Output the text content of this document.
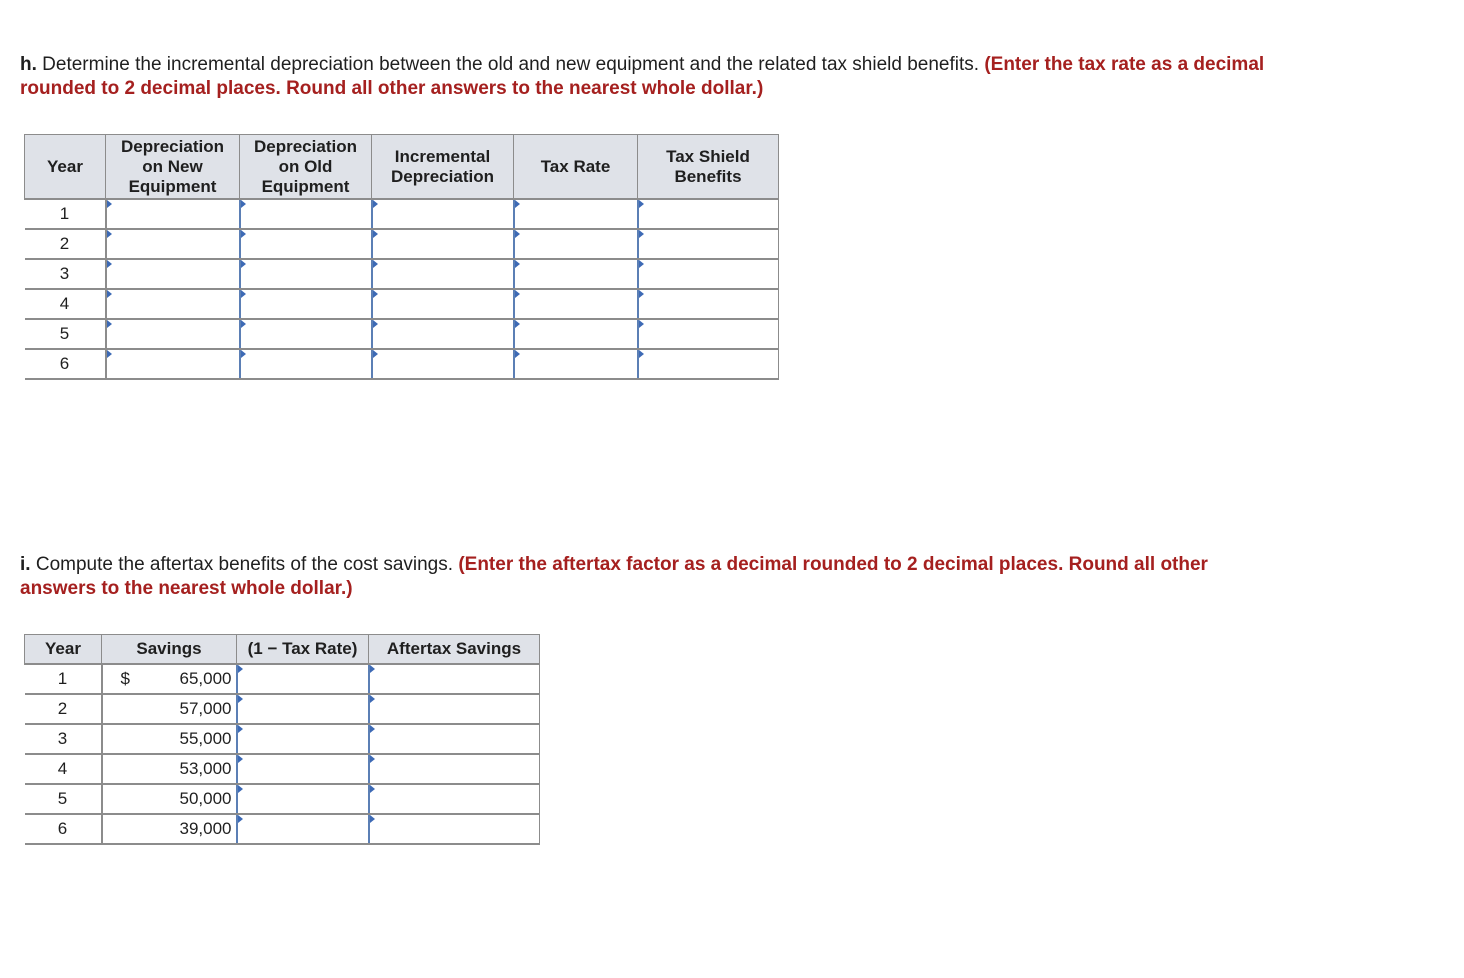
h. Determine the incremental depreciation between the old and new equipment and the related tax shield benefits. (Enter the tax rate as a decimal rounded to 2 decimal places. Round all other answers to the nearest whole dollar.)

Year	Depreciation on New Equipment	Depreciation on Old Equipment	Incremental Depreciation	Tax Rate	Tax Shield Benefits
1	

2	

3	

4	

5	

6	

i. Compute the aftertax benefits of the cost savings. (Enter the aftertax factor as a decimal rounded to 2 decimal places. Round all other answers to the nearest whole dollar.)

Year	Savings	(1 − Tax Rate)	Aftertax Savings
1	$ 65,000

2	57,000

3	55,000

4	53,000

5	50,000

6	39,000
